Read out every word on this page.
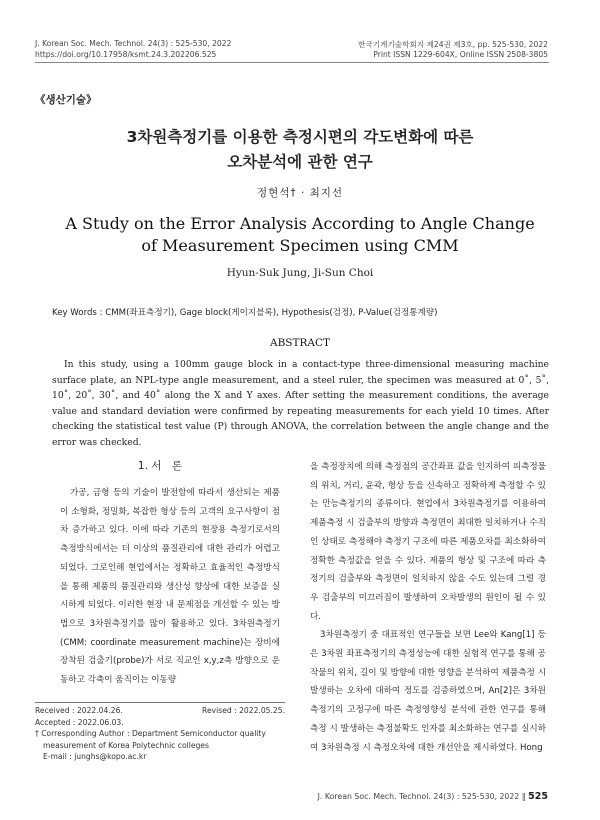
J. Korean Soc. Mech. Technol. 24(3) : 525-530, 2022
https://doi.org/10.17958/ksmt.24.3.202206.525
한국기계기술학회지 제24권 제3호, pp. 525-530, 2022
Print ISSN 1229-604X, Online ISSN 2508-3805
《생산기술》
3차원측정기를 이용한 측정시편의 각도변화에 따른
오차분석에 관한 연구
정현석† · 최지선
A Study on the Error Analysis According to Angle Change
of Measurement Specimen using CMM
Hyun-Suk Jung, Ji-Sun Choi
Key Words : CMM(좌표측정기), Gage block(게이지블록), Hypothesis(검정), P-Value(검정통계량)
ABSTRACT

In this study, using a 100mm gauge block in a contact-type three-dimensional measuring machine surface plate, an NPL-type angle measurement, and a steel ruler, the specimen was measured at 0˚, 5˚, 10˚, 20˚, 30˚, and 40˚ along the X and Y axes. After setting the measurement conditions, the average value and standard deviation were confirmed by repeating measurements for each yield 10 times. After checking the statistical test value (P) through ANOVA, the correlation between the angle change and the error was checked.

1. 서　론

가공, 금형 등의 기술이 발전함에 따라서 생산되는 제품이 소형화, 정밀화, 복잡한 형상 등의 고객의 요구사항이 점차 증가하고 있다. 이에 따라 기존의 현장용 측정기로서의 측정방식에서는 더 이상의 품질관리에 대한 관리가 어렵고 되었다. 그로인해 현업에서는 정확하고 효율적인 측정방식을 통해 제품의 품질관리와 생산성 향상에 대한 보증을 실시하게 되었다. 이러한 현장 내 문제점을 개선할 수 있는 방법으로 3차원측정기를 많이 활용하고 있다. 3차원측정기(CMM: coordinate measurement machine)는 장비에 장착된 검출기(probe)가 서로 직교인 x,y,z축 방향으로 운동하고 각축이 움직이는 이동량

을 측정장치에 의해 측정점의 공간좌표 값을 인지하여 피측정물의 위치, 거리, 윤곽, 형상 등을 신속하고 정확하게 측정할 수 있는 만능측정기의 종류이다. 현업에서 3차원측정기를 이용하여 제품측정 시 검출부의 방향과 측정면이 최대한 일치하거나 수직인 상태로 측정해야 측정기 구조에 따른 제품오차를 최소화하여 정확한 측정값을 얻을 수 있다. 제품의 형상 및 구조에 따라 측정기의 검출부와 측정면이 일치하지 않을 수도 있는데 그럴 경우 검출부의 미끄러짐이 발생하여 오차발생의 원인이 될 수 있다.

3차원측정기 중 대표적인 연구들을 보면 Lee와 Kang[1] 등은 3차원 좌표측정기의 측정성능에 대한 실험적 연구를 통해 공작물의 위치, 길이 및 방향에 대한 영향을 분석하여 제품측정 시 발생하는 오차에 대하여 정도를 검증하였으며, An[2]은 3차원측정기의 고정구에 따른 측정영향성 분석에 관한 연구를 통해 측정 시 발생하는 측정불확도 인자를 최소화하는 연구를 실시하여 3차원측정 시 측정오차에 대한 개선안을 제시하였다. Hong

Received : 2022.04.26.	Revised : 2022.05.25.
Accepted : 2022.06.03.
† Corresponding Author : Department Semiconductor quality
measurement of Korea Polytechnic colleges
E-mail : junghs@kopo.ac.kr
J. Korean Soc. Mech. Technol. 24(3) : 525-530, 2022 ‖ 525
